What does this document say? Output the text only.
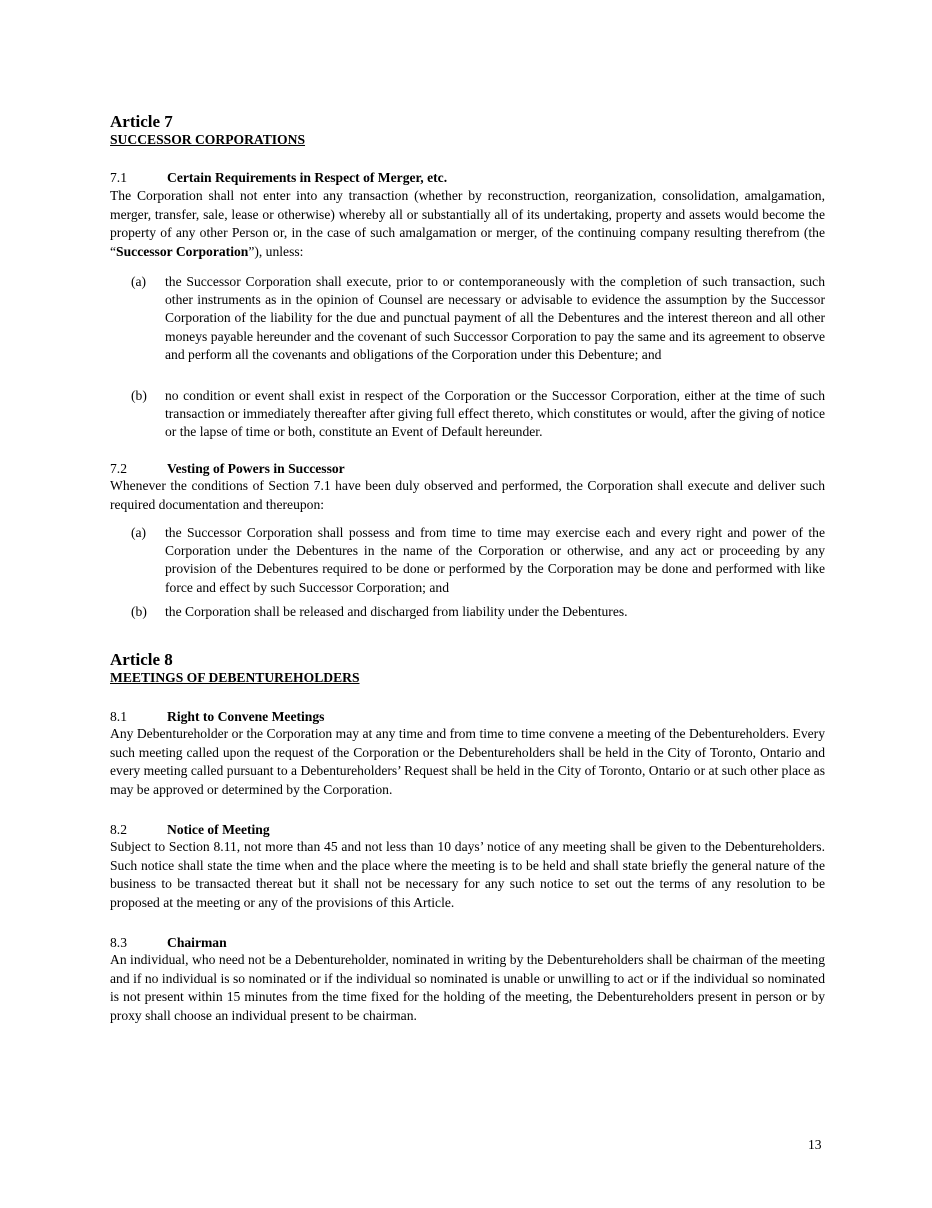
Article 7
SUCCESSOR CORPORATIONS
7.1	Certain Requirements in Respect of Merger, etc.

The Corporation shall not enter into any transaction (whether by reconstruction, reorganization, consolidation, amalgamation, merger, transfer, sale, lease or otherwise) whereby all or substantially all of its undertaking, property and assets would become the property of any other Person or, in the case of such amalgamation or merger, of the continuing company resulting therefrom (the “Successor Corporation”), unless:

(a) the Successor Corporation shall execute, prior to or contemporaneously with the completion of such transaction, such other instruments as in the opinion of Counsel are necessary or advisable to evidence the assumption by the Successor Corporation of the liability for the due and punctual payment of all the Debentures and the interest thereon and all other moneys payable hereunder and the covenant of such Successor Corporation to pay the same and its agreement to observe and perform all the covenants and obligations of the Corporation under this Debenture; and
(b) no condition or event shall exist in respect of the Corporation or the Successor Corporation, either at the time of such transaction or immediately thereafter after giving full effect thereto, which constitutes or would, after the giving of notice or the lapse of time or both, constitute an Event of Default hereunder.
7.2	Vesting of Powers in Successor

Whenever the conditions of Section 7.1 have been duly observed and performed, the Corporation shall execute and deliver such required documentation and thereupon:

(a) the Successor Corporation shall possess and from time to time may exercise each and every right and power of the Corporation under the Debentures in the name of the Corporation or otherwise, and any act or proceeding by any provision of the Debentures required to be done or performed by the Corporation may be done and performed with like force and effect by such Successor Corporation; and
(b) the Corporation shall be released and discharged from liability under the Debentures.
Article 8
MEETINGS OF DEBENTUREHOLDERS
8.1	Right to Convene Meetings

Any Debentureholder or the Corporation may at any time and from time to time convene a meeting of the Debentureholders. Every such meeting called upon the request of the Corporation or the Debentureholders shall be held in the City of Toronto, Ontario and every meeting called pursuant to a Debentureholders’ Request shall be held in the City of Toronto, Ontario or at such other place as may be approved or determined by the Corporation.

8.2	Notice of Meeting

Subject to Section 8.11, not more than 45 and not less than 10 days’ notice of any meeting shall be given to the Debentureholders. Such notice shall state the time when and the place where the meeting is to be held and shall state briefly the general nature of the business to be transacted thereat but it shall not be necessary for any such notice to set out the terms of any resolution to be proposed at the meeting or any of the provisions of this Article.

8.3	Chairman

An individual, who need not be a Debentureholder, nominated in writing by the Debentureholders shall be chairman of the meeting and if no individual is so nominated or if the individual so nominated is unable or unwilling to act or if the individual so nominated is not present within 15 minutes from the time fixed for the holding of the meeting, the Debentureholders present in person or by proxy shall choose an individual present to be chairman.

13
